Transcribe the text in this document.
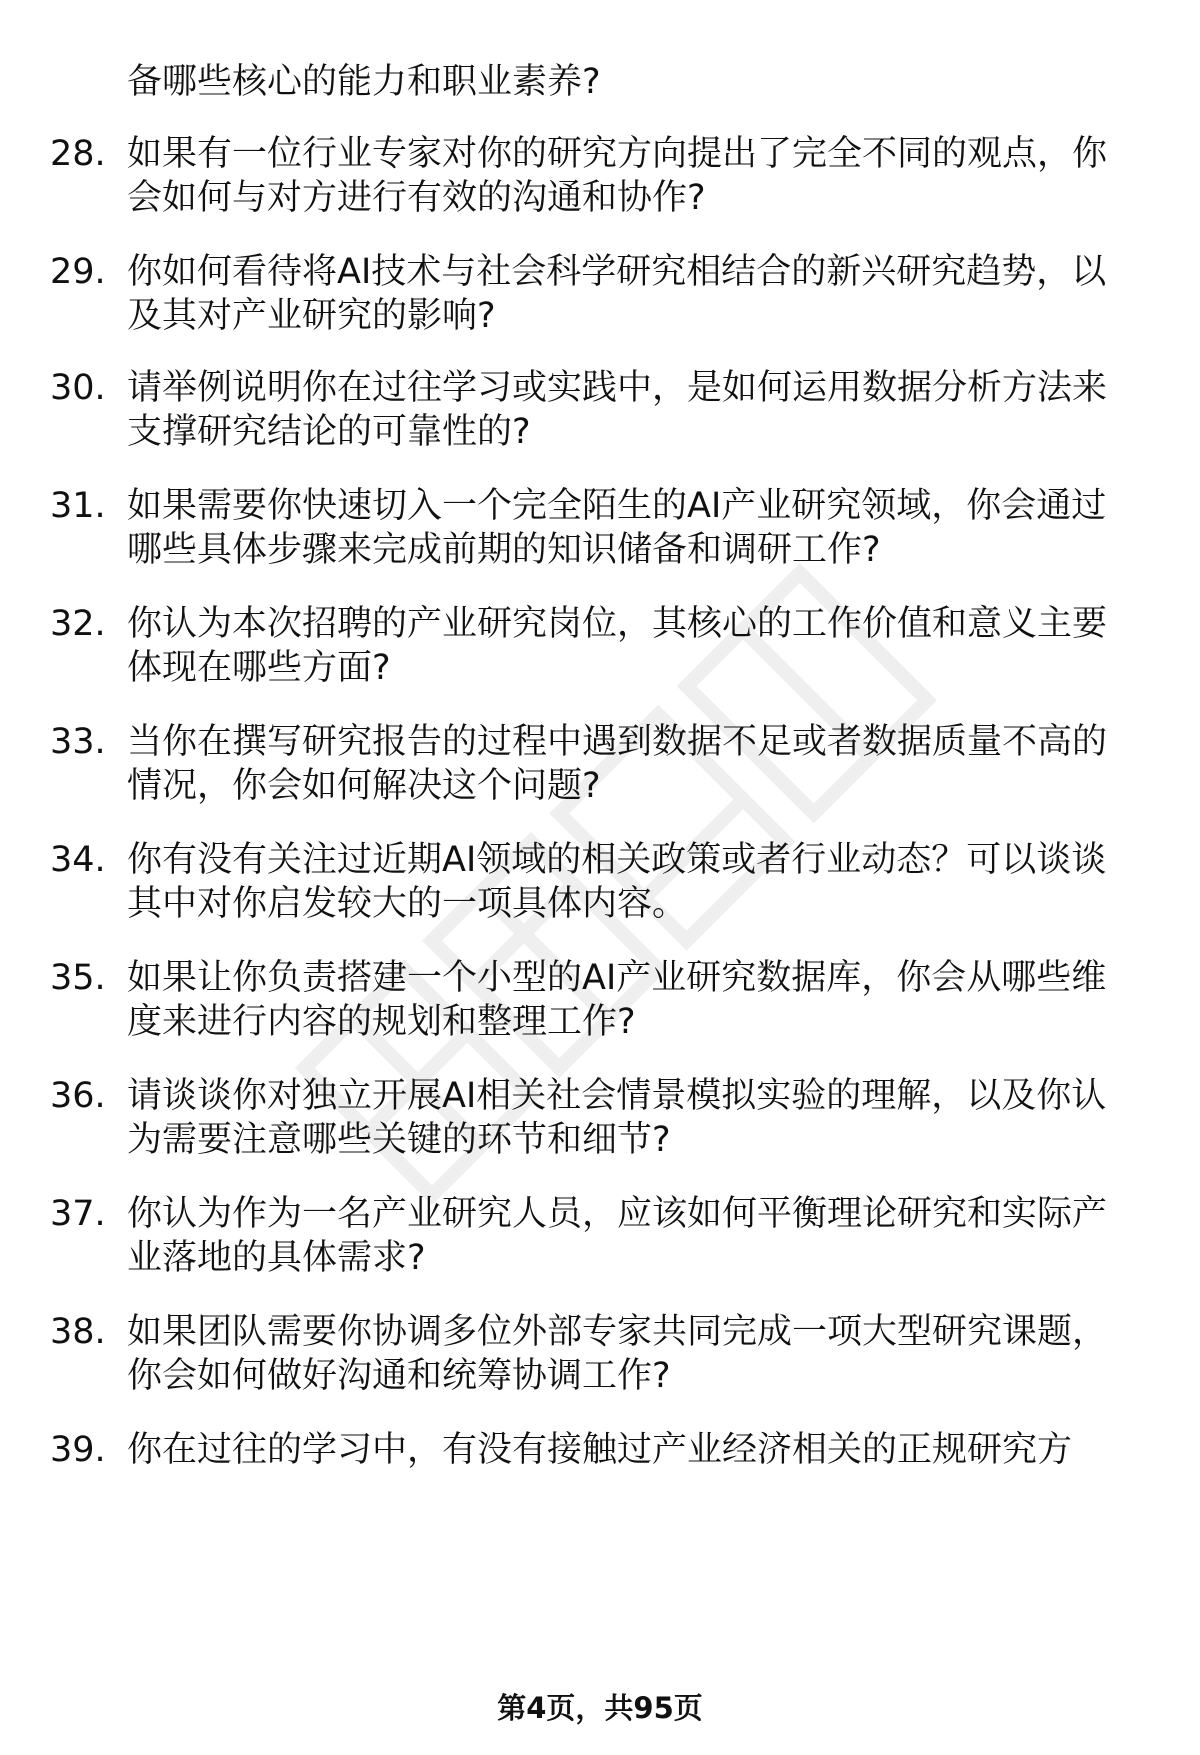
备哪些核心的能力和职业素养?
28. 如果有一位行业专家对你的研究方向提出了完全不同的观点，你
会如何与对方进行有效的沟通和协作?
29. 你如何看待将AI技术与社会科学研究相结合的新兴研究趋势，以
及其对产业研究的影响?
30. 请举例说明你在过往学习或实践中，是如何运用数据分析方法来
支撑研究结论的可靠性的?
31. 如果需要你快速切入一个完全陌生的AI产业研究领域，你会通过
哪些具体步骤来完成前期的知识储备和调研工作?
32. 你认为本次招聘的产业研究岗位，其核心的工作价值和意义主要
体现在哪些方面?
33. 当你在撰写研究报告的过程中遇到数据不足或者数据质量不高的
情况，你会如何解决这个问题?
34. 你有没有关注过近期AI领域的相关政策或者行业动态？可以谈谈
其中对你启发较大的一项具体内容。
35. 如果让你负责搭建一个小型的AI产业研究数据库，你会从哪些维
度来进行内容的规划和整理工作?
36. 请谈谈你对独立开展AI相关社会情景模拟实验的理解，以及你认
为需要注意哪些关键的环节和细节?
37. 你认为作为一名产业研究人员，应该如何平衡理论研究和实际产
业落地的具体需求?
38. 如果团队需要你协调多位外部专家共同完成一项大型研究课题，
你会如何做好沟通和统筹协调工作?
39. 你在过往的学习中，有没有接触过产业经济相关的正规研究方
第4页，共95页
